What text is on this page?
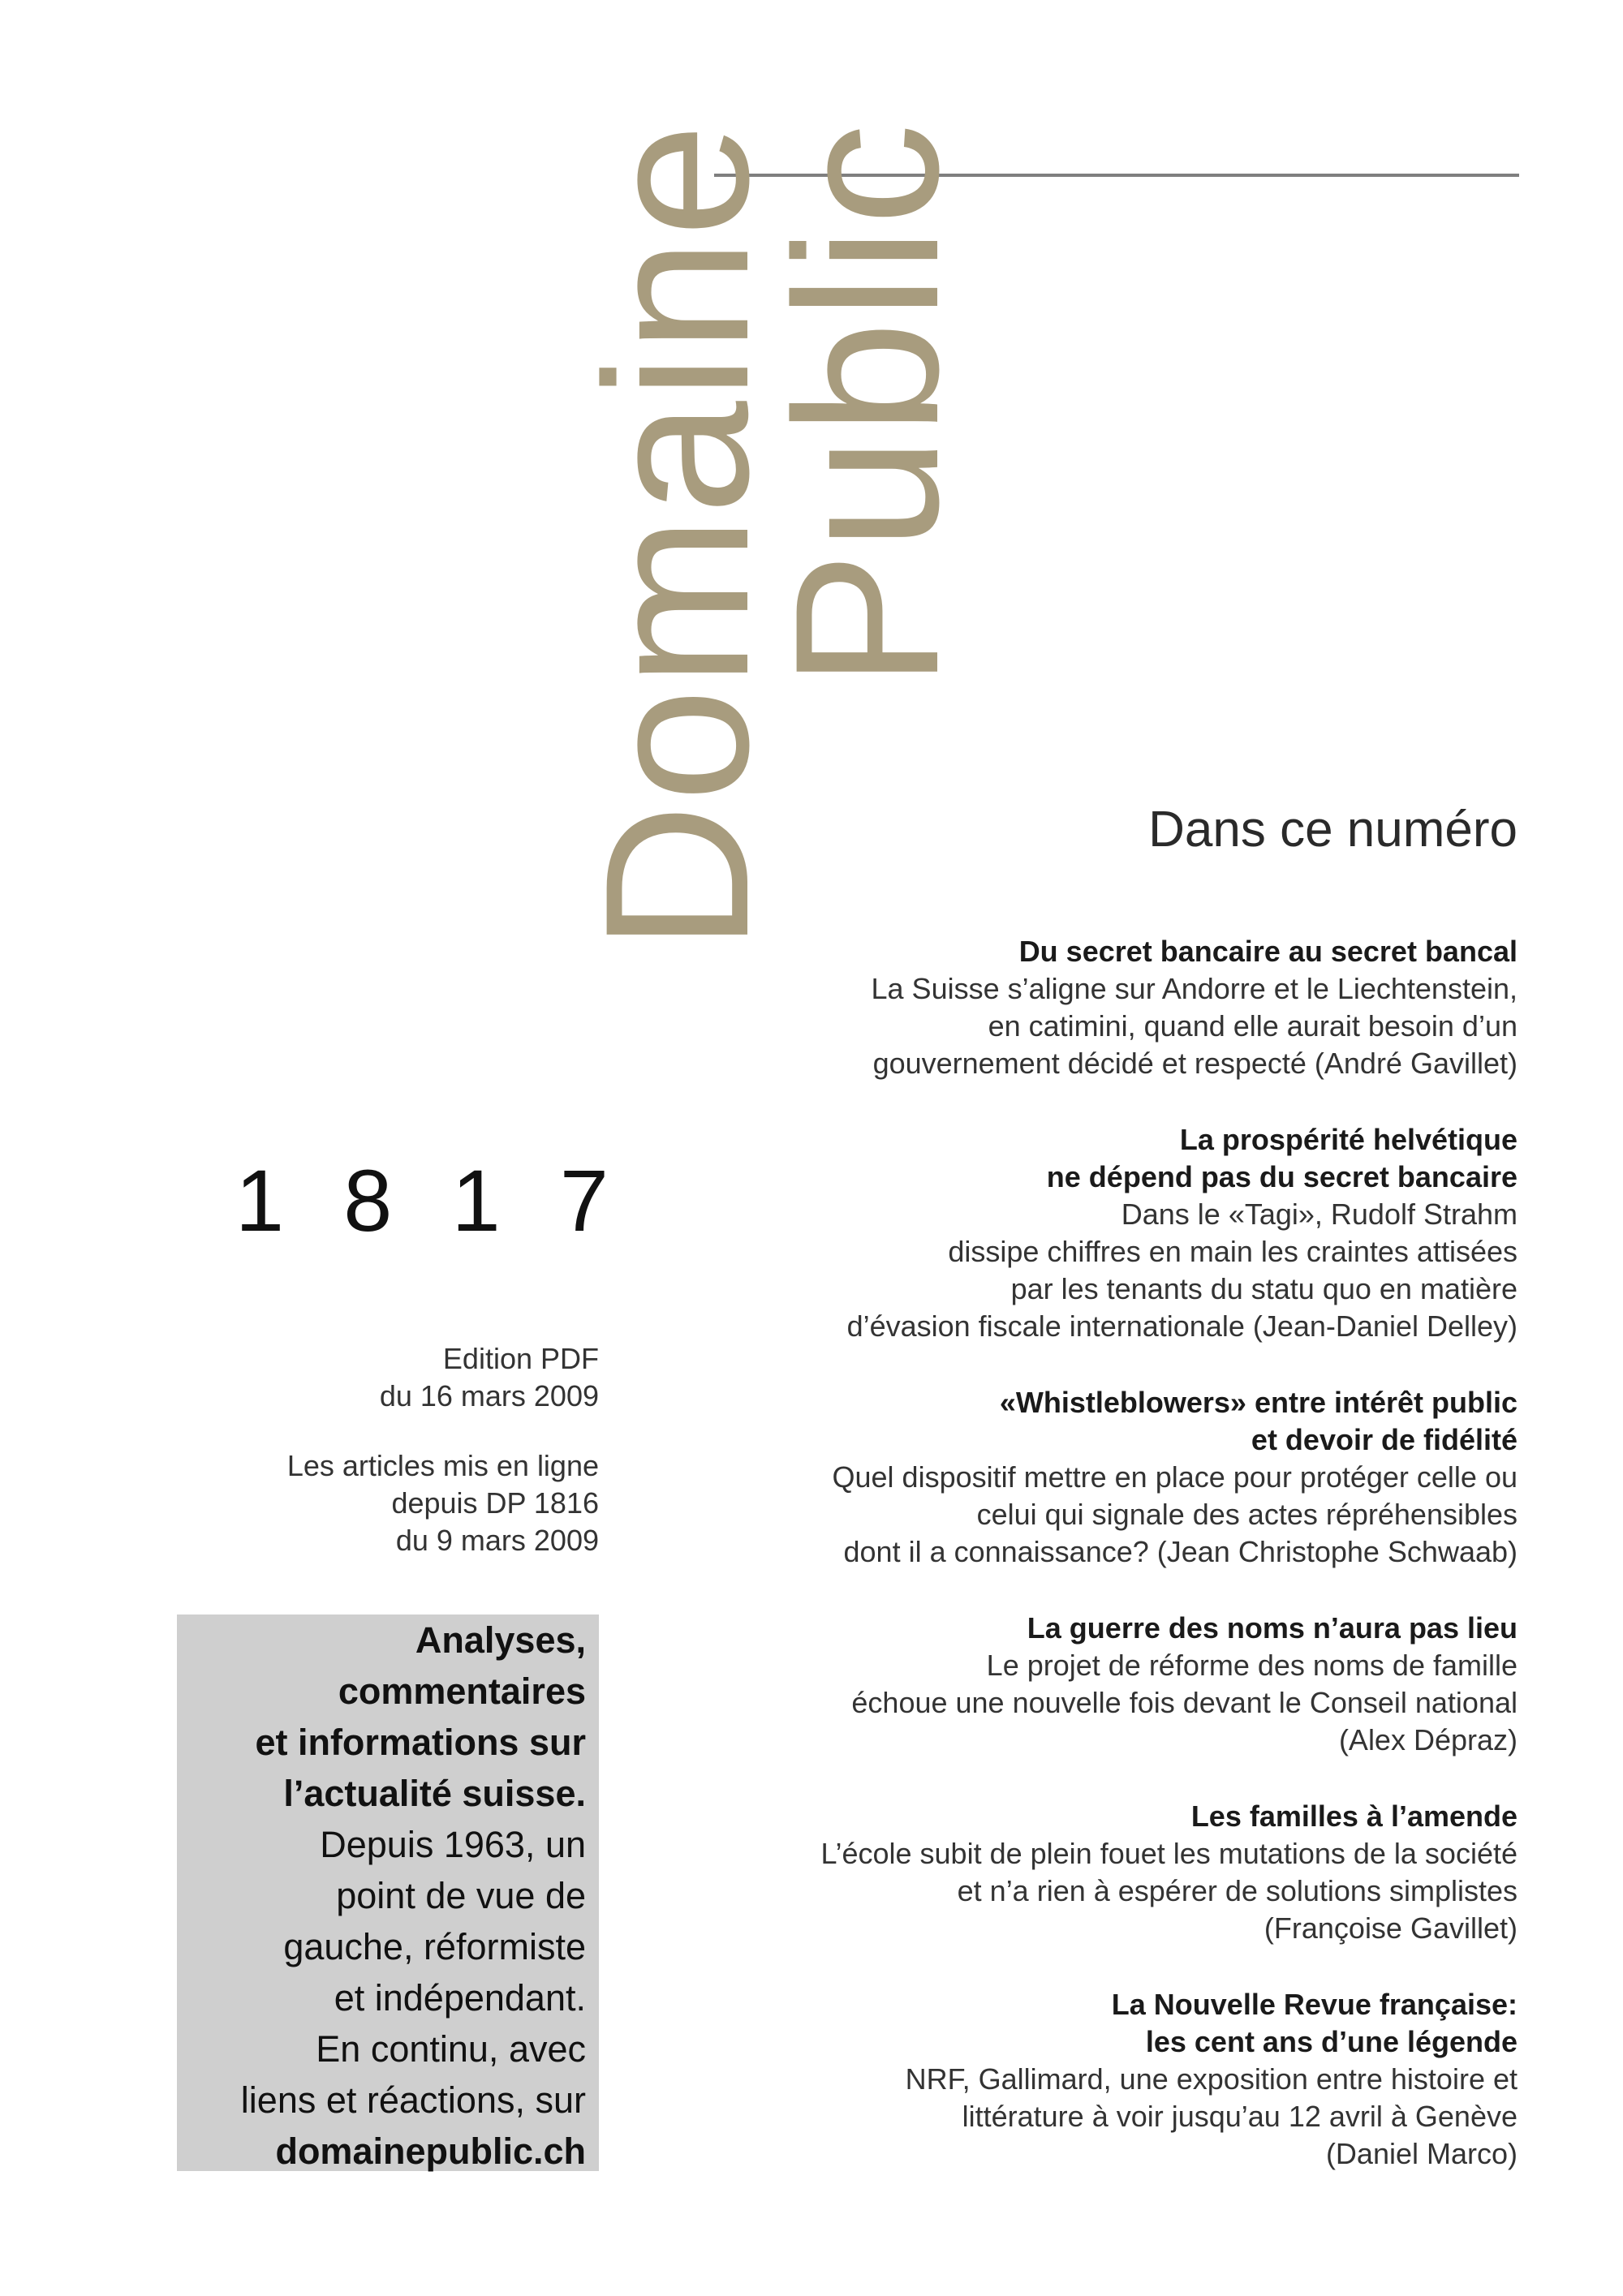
Domaine
Public
1 8 1 7

Edition PDF

du 16 mars 2009

Les articles mis en ligne

depuis DP 1816

du 9 mars 2009

Analyses,

commentaires

et informations sur

l’actualité suisse.

Depuis 1963, un

point de vue de

gauche, réformiste

et indépendant.

En continu, avec

liens et réactions, sur

domainepublic.ch

Dans ce numéro

Du secret bancaire au secret bancal

La Suisse s’aligne sur Andorre et le Liechtenstein,
en catimini, quand elle aurait besoin d’un
gouvernement décidé et respecté (André Gavillet)

La prospérité helvétique
ne dépend pas du secret bancaire

Dans le «Tagi», Rudolf Strahm
dissipe chiffres en main les craintes attisées
par les tenants du statu quo en matière
d’évasion fiscale internationale (Jean-Daniel Delley)

«Whistleblowers» entre intérêt public
et devoir de fidélité

Quel dispositif mettre en place pour protéger celle ou
celui qui signale des actes répréhensibles
dont il a connaissance? (Jean Christophe Schwaab)

La guerre des noms n’aura pas lieu

Le projet de réforme des noms de famille
échoue une nouvelle fois devant le Conseil national
(Alex Dépraz)

Les familles à l’amende

L’école subit de plein fouet les mutations de la société
et n’a rien à espérer de solutions simplistes
(Françoise Gavillet)

La Nouvelle Revue française:
les cent ans d’une légende

NRF, Gallimard, une exposition entre histoire et
littérature à voir jusqu’au 12 avril à Genève
(Daniel Marco)
